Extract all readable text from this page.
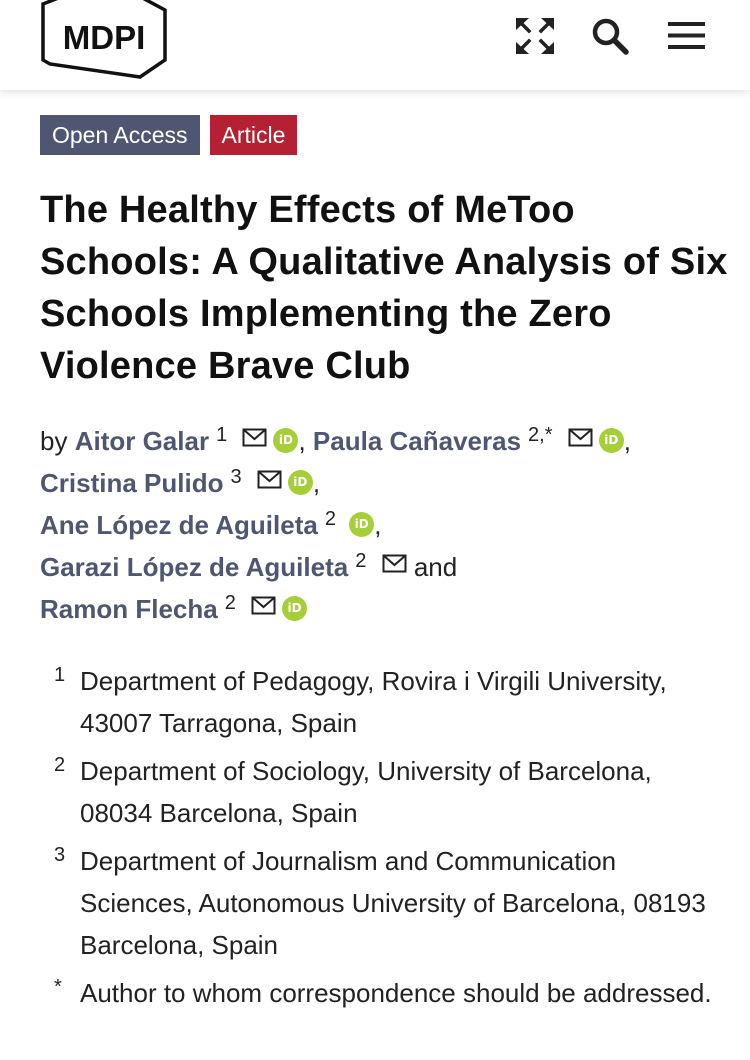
MDPI
Open Access	Article
The Healthy Effects of MeToo Schools: A Qualitative Analysis of Six Schools Implementing the Zero Violence Brave Club
by Aitor Galar $^1$	iD , Paula Cañaveras $^{2,*}$	iD ,
Cristina Pulido $^3$	iD ,
Ane López de Aguileta $^2$ iD ,
Garazi López de Aguileta $^2$ and
Ramon Flecha $^2$	iD
1 Department of Pedagogy, Rovira i Virgili University, 43007 Tarragona, Spain
2 Department of Sociology, University of Barcelona, 08034 Barcelona, Spain
3 Department of Journalism and Communication Sciences, Autonomous University of Barcelona, 08193 Barcelona, Spain
* Author to whom correspondence should be addressed.
